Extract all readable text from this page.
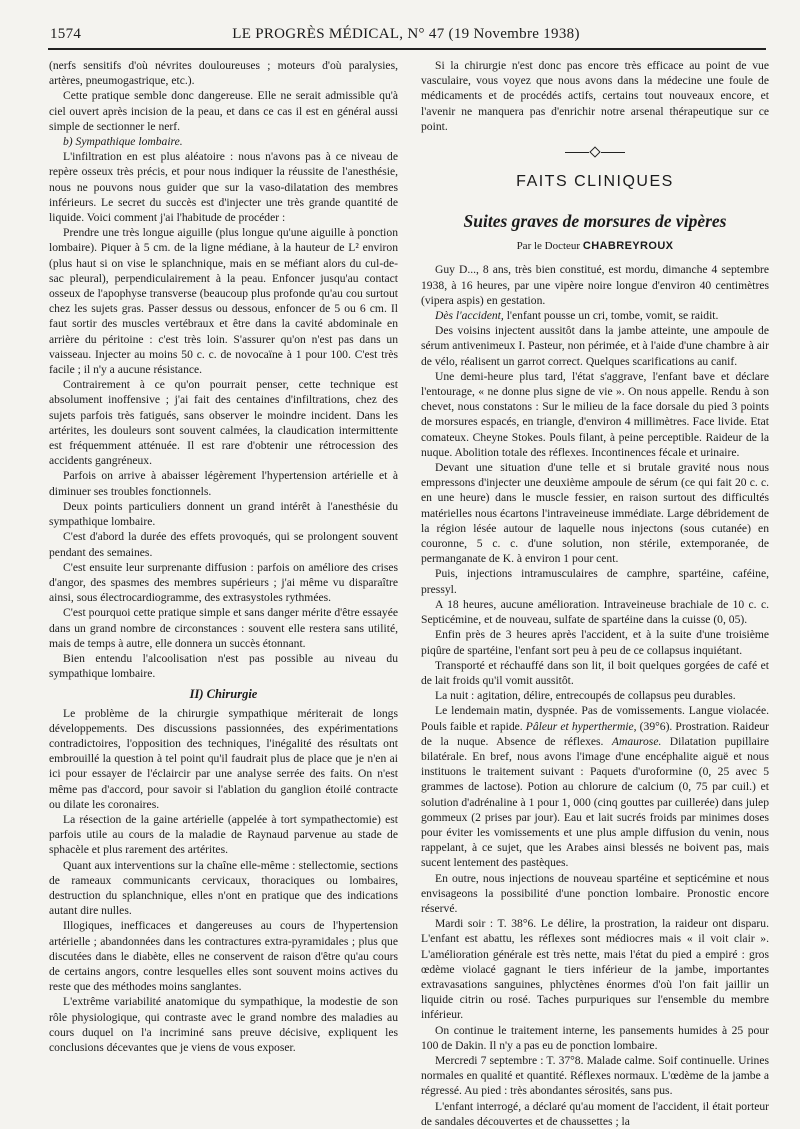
1574	LE PROGRÈS MÉDICAL, N° 47 (19 Novembre 1938)

(nerfs sensitifs d'où névrites douloureuses ; moteurs d'où paralysies, artères, pneumogastrique, etc.).

Cette pratique semble donc dangereuse. Elle ne serait admissible qu'à ciel ouvert après incision de la peau, et dans ce cas il est en général aussi simple de sectionner le nerf.

b) Sympathique lombaire.

L'infiltration en est plus aléatoire : nous n'avons pas à ce niveau de repère osseux très précis, et pour nous indiquer la réussite de l'anesthésie, nous ne pouvons nous guider que sur la vaso-dilatation des membres inférieurs. Le secret du succès est d'injecter une très grande quantité de liquide. Voici comment j'ai l'habitude de procéder :

Prendre une très longue aiguille (plus longue qu'une aiguille à ponction lombaire). Piquer à 5 cm. de la ligne médiane, à la hauteur de L² environ (plus haut si on vise le splanchnique, mais en se méfiant alors du cul-de-sac pleural), perpendiculairement à la peau. Enfoncer jusqu'au contact osseux de l'apophyse transverse (beaucoup plus profonde qu'au cou surtout chez les sujets gras. Passer dessus ou dessous, enfoncer de 5 ou 6 cm. Il faut sortir des muscles vertébraux et être dans la cavité abdominale en arrière du péritoine : c'est très loin. S'assurer qu'on n'est pas dans un vaisseau. Injecter au moins 50 c. c. de novocaïne à 1 pour 100. C'est très facile ; il n'y a aucune résistance.

Contrairement à ce qu'on pourrait penser, cette technique est absolument inoffensive ; j'ai fait des centaines d'infiltrations, chez des sujets parfois très fatigués, sans observer le moindre incident. Dans les artérites, les douleurs sont souvent calmées, la claudication intermittente est fréquemment atténuée. Il est rare d'obtenir une rétrocession des accidents gangréneux.

Parfois on arrive à abaisser légèrement l'hypertension artérielle et à diminuer ses troubles fonctionnels.

Deux points particuliers donnent un grand intérêt à l'anesthésie du sympathique lombaire.

C'est d'abord la durée des effets provoqués, qui se prolongent souvent pendant des semaines.

C'est ensuite leur surprenante diffusion : parfois on améliore des crises d'angor, des spasmes des membres supérieurs ; j'ai même vu disparaître ainsi, sous électrocardiogramme, des extrasystoles rythmées.

C'est pourquoi cette pratique simple et sans danger mérite d'être essayée dans un grand nombre de circonstances : souvent elle restera sans utilité, mais de temps à autre, elle donnera un succès étonnant.

Bien entendu l'alcoolisation n'est pas possible au niveau du sympathique lombaire.

II) Chirurgie

Le problème de la chirurgie sympathique mériterait de longs développements. Des discussions passionnées, des expérimentations contradictoires, l'opposition des techniques, l'inégalité des résultats ont embrouillé la question à tel point qu'il faudrait plus de place que je n'en ai ici pour essayer de l'éclaircir par une analyse serrée des faits. On n'est même pas d'accord, pour savoir si l'ablation du ganglion étoilé contracte ou dilate les coronaires.

La résection de la gaine artérielle (appelée à tort sympathectomie) est parfois utile au cours de la maladie de Raynaud parvenue au stade de sphacèle et plus rarement des artérites.

Quant aux interventions sur la chaîne elle-même : stellectomie, sections de rameaux communicants cervicaux, thoraciques ou lombaires, destruction du splanchnique, elles n'ont en pratique que des indications autant dire nulles.

Illogiques, inefficaces et dangereuses au cours de l'hypertension artérielle ; abandonnées dans les contractures extra-pyramidales ; plus que discutées dans le diabète, elles ne conservent de raison d'être qu'au cours de certains angors, contre lesquelles elles sont souvent moins actives du reste que des méthodes moins sanglantes.

L'extrême variabilité anatomique du sympathique, la modestie de son rôle physiologique, qui contraste avec le grand nombre des maladies au cours duquel on l'a incriminé sans preuve décisive, expliquent les conclusions décevantes que je viens de vous exposer.

Si la chirurgie n'est donc pas encore très efficace au point de vue vasculaire, vous voyez que nous avons dans la médecine une foule de médicaments et de procédés actifs, certains tout nouveaux encore, et l'avenir ne manquera pas d'enrichir notre arsenal thérapeutique sur ce point.

FAITS CLINIQUES
Suites graves de morsures de vipères
Par le Docteur CHABREYROUX

Guy D..., 8 ans, très bien constitué, est mordu, dimanche 4 septembre 1938, à 16 heures, par une vipère noire longue d'environ 40 centimètres (vipera aspis) en gestation.

Dès l'accident, l'enfant pousse un cri, tombe, vomit, se raidit.

Des voisins injectent aussitôt dans la jambe atteinte, une ampoule de sérum antivenimeux I. Pasteur, non périmée, et à l'aide d'une chambre à air de vélo, réalisent un garrot correct. Quelques scarifications au canif.

Une demi-heure plus tard, l'état s'aggrave, l'enfant bave et déclare l'entourage, « ne donne plus signe de vie ». On nous appelle. Rendu à son chevet, nous constatons : Sur le milieu de la face dorsale du pied 3 points de morsures espacés, en triangle, d'environ 4 millimètres. Face livide. Etat comateux. Cheyne Stokes. Pouls filant, à peine perceptible. Raideur de la nuque. Abolition totale des réflexes. Incontinences fécale et urinaire.

Devant une situation d'une telle et si brutale gravité nous nous empressons d'injecter une deuxième ampoule de sérum (ce qui fait 20 c. c. en une heure) dans le muscle fessier, en raison surtout des difficultés matérielles nous écartons l'intraveineuse immédiate. Large débridement de la région lésée autour de laquelle nous injectons (sous cutanée) en couronne, 5 c. c. d'une solution, non stérile, extemporanée, de permanganate de K. à environ 1 pour cent.

Puis, injections intramusculaires de camphre, spartéine, caféine, pressyl.

A 18 heures, aucune amélioration. Intraveineuse brachiale de 10 c. c. Septicémine, et de nouveau, sulfate de spartéine dans la cuisse (0, 05).

Enfin près de 3 heures après l'accident, et à la suite d'une troisième piqûre de spartéine, l'enfant sort peu à peu de ce collapsus inquiétant.

Transporté et réchauffé dans son lit, il boit quelques gorgées de café et de lait froids qu'il vomit aussitôt.

La nuit : agitation, délire, entrecoupés de collapsus peu durables.

Le lendemain matin, dyspnée. Pas de vomissements. Langue violacée. Pouls faible et rapide. Pâleur et hyperthermie, (39°6). Prostration. Raideur de la nuque. Absence de réflexes. Amaurose. Dilatation pupillaire bilatérale. En bref, nous avons l'image d'une encéphalite aiguë et nous instituons le traitement suivant : Paquets d'uroformine (0, 25 avec 5 grammes de lactose). Potion au chlorure de calcium (0, 75 par cuil.) et solution d'adrénaline à 1 pour 1, 000 (cinq gouttes par cuillerée) dans julep gommeux (2 prises par jour). Eau et lait sucrés froids par minimes doses pour éviter les vomissements et une plus ample diffusion du venin, nous rappelant, à ce sujet, que les Arabes ainsi blessés ne boivent pas, mais sucent lentement des pastèques.

En outre, nous injections de nouveau spartéine et septicémine et nous envisageons la possibilité d'une ponction lombaire. Pronostic encore réservé.

Mardi soir : T. 38°6. Le délire, la prostration, la raideur ont disparu. L'enfant est abattu, les réflexes sont médiocres mais « il voit clair ». L'amélioration générale est très nette, mais l'état du pied a empiré : gros œdème violacé gagnant le tiers inférieur de la jambe, importantes extravasations sanguines, phlyctènes énormes d'où l'on fait jaillir un liquide citrin ou rosé. Taches purpuriques sur l'ensemble du membre inférieur.

On continue le traitement interne, les pansements humides à 25 pour 100 de Dakin. Il n'y a pas eu de ponction lombaire.

Mercredi 7 septembre : T. 37°8. Malade calme. Soif continuelle. Urines normales en qualité et quantité. Réflexes normaux. L'œdème de la jambe a régressé. Au pied : très abondantes sérosités, sans pus.

L'enfant interrogé, a déclaré qu'au moment de l'accident, il était porteur de sandales découvertes et de chaussettes ; la
